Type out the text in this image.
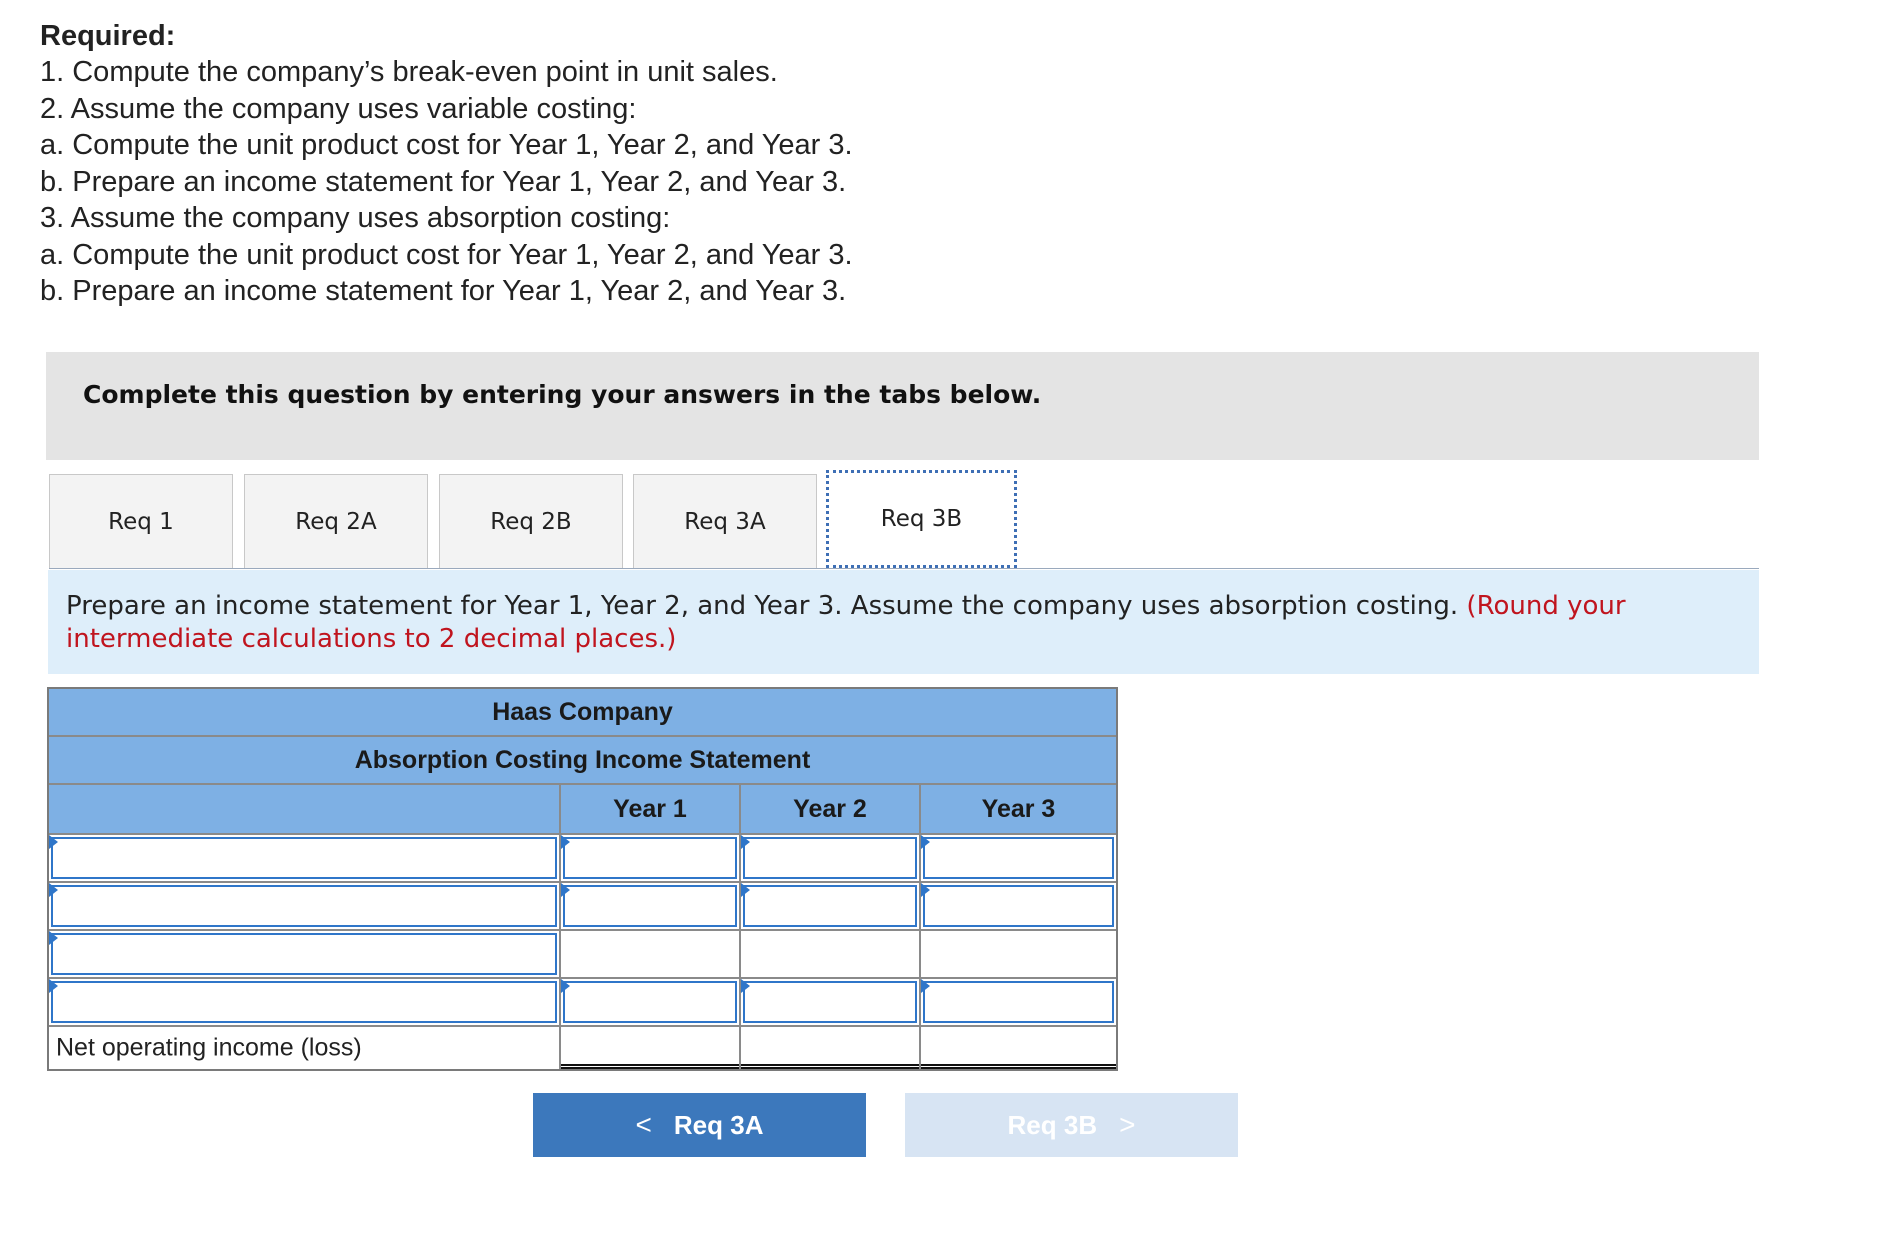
Required:
1. Compute the company’s break-even point in unit sales.
2. Assume the company uses variable costing:
a. Compute the unit product cost for Year 1, Year 2, and Year 3.
b. Prepare an income statement for Year 1, Year 2, and Year 3.
3. Assume the company uses absorption costing:
a. Compute the unit product cost for Year 1, Year 2, and Year 3.
b. Prepare an income statement for Year 1, Year 2, and Year 3.
Complete this question by entering your answers in the tabs below.
Req 1	Req 2A	Req 2B	Req 3A	Req 3B
Prepare an income statement for Year 1, Year 2, and Year 3. Assume the company uses absorption costing. (Round your intermediate calculations to 2 decimal places.)
Haas Company
Absorption Costing Income Statement
Year 1	Year 2	Year 3
Net operating income (loss)
< Req 3A	Req 3B >
